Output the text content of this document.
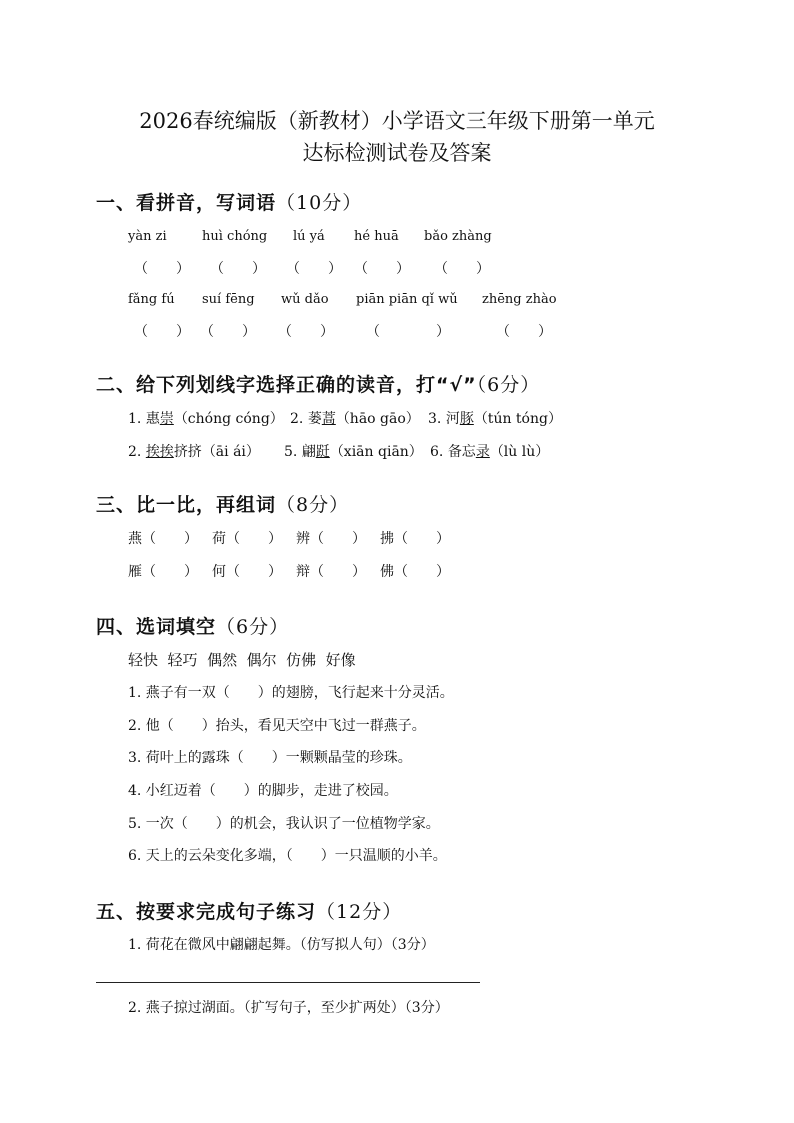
2026春统编版（新教材）小学语文三年级下册第一单元
达标检测试卷及答案
一、看拼音，写词语（10分）
yàn zi	huì chóng lú yá hé huā bǎo zhàng
（　　） （　　） （　　） （　　） （　　）
fǎng fú suí fēng wǔ dǎo piān piān qǐ wǔ zhēng zhào
（　　） （　　） （　　） （　　　　）	（　　）
二、给下列划线字选择正确的读音，打“√”（6分）
1. 惠崇（chóng cóng） 2. 蒌蒿（hāo gāo） 3. 河豚（tún tóng）
2. 挨挨挤挤（āi ái） 5. 翩跹（xiān qiān） 6. 备忘录（lù lù）
三、比一比，再组词（8分）
燕（　　） 荷（　　） 辨（　　） 拂（　　）
雁（　　） 何（　　） 辩（　　） 佛（　　）
四、选词填空（6分）
轻快  轻巧  偶然  偶尔  仿佛  好像
1. 燕子有一双（　　）的翅膀，飞行起来十分灵活。
2. 他（　　）抬头，看见天空中飞过一群燕子。
3. 荷叶上的露珠（　　）一颗颗晶莹的珍珠。
4. 小红迈着（　　）的脚步，走进了校园。
5. 一次（　　）的机会，我认识了一位植物学家。
6. 天上的云朵变化多端，（　　）一只温顺的小羊。
五、按要求完成句子练习（12分）
1. 荷花在微风中翩翩起舞。（仿写拟人句）（3分）
2. 燕子掠过湖面。（扩写句子，至少扩两处）（3分）
